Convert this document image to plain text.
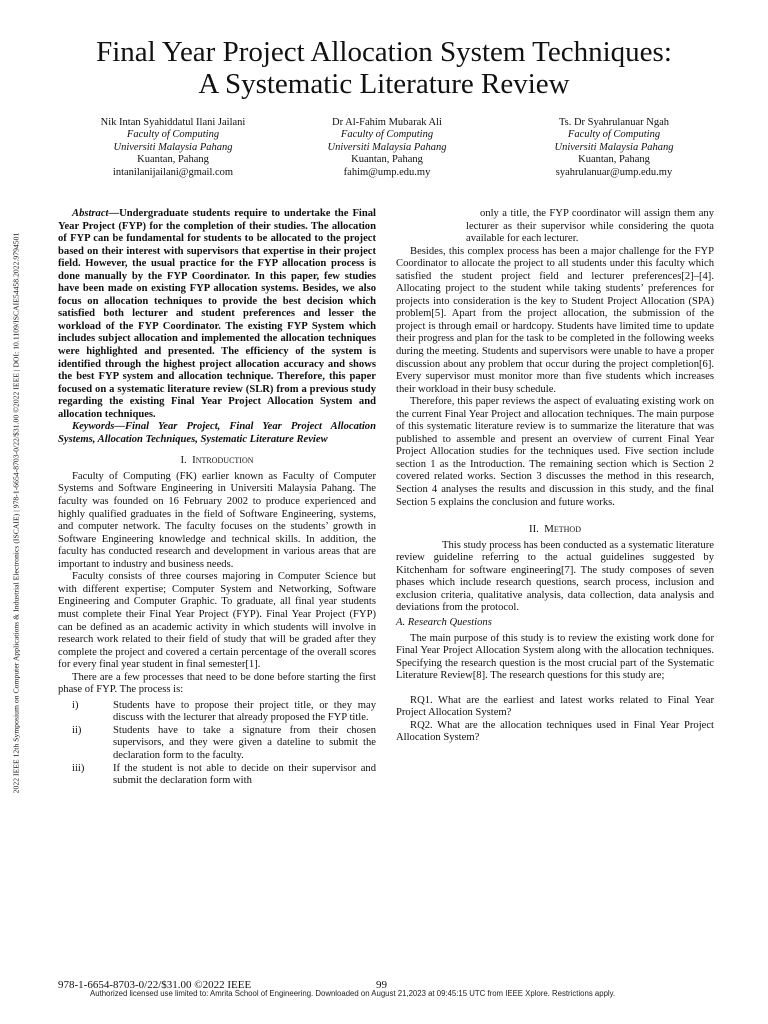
Final Year Project Allocation System Techniques:
A Systematic Literature Review
Nik Intan Syahiddatul Ilani Jailani
Faculty of Computing
Universiti Malaysia Pahang
Kuantan, Pahang
intanilanijailani@gmail.com
Dr Al-Fahim Mubarak Ali
Faculty of Computing
Universiti Malaysia Pahang
Kuantan, Pahang
fahim@ump.edu.my
Ts. Dr Syahrulanuar Ngah
Faculty of Computing
Universiti Malaysia Pahang
Kuantan, Pahang
syahrulanuar@ump.edu.my
2022 IEEE 12th Symposium on Computer Applications & Industrial Electronics (ISCAIE) | 978-1-6654-8703-0/22/$31.00 ©2022 IEEE | DOI: 10.1109/ISCAIE54458.2022.9794501

Abstract—Undergraduate students require to undertake the Final Year Project (FYP) for the completion of their studies. The allocation of FYP can be fundamental for students to be allocated to the project based on their interest with supervisors that expertise in their project field. However, the usual practice for the FYP allocation process is done manually by the FYP Coordinator. In this paper, few studies have been made on existing FYP allocation systems. Besides, we also focus on allocation techniques to provide the best decision which satisfied both lecturer and student preferences and lesser the workload of the FYP Coordinator. The existing FYP System which includes subject allocation and implemented the allocation techniques were highlighted and presented. The efficiency of the system is identified through the highest project allocation accuracy and shows the best FYP system and allocation technique. Therefore, this paper focused on a systematic literature review (SLR) from a previous study regarding the existing Final Year Project Allocation System and allocation techniques.

Keywords—Final Year Project, Final Year Project Allocation Systems, Allocation Techniques, Systematic Literature Review

I. Introduction

Faculty of Computing (FK) earlier known as Faculty of Computer Systems and Software Engineering in Universiti Malaysia Pahang. The faculty was founded on 16 February 2002 to produce experienced and highly qualified graduates in the field of Software Engineering, systems, and computer network. The faculty focuses on the students’ growth in Software Engineering knowledge and technical skills. In addition, the faculty has conducted research and development in various areas that are important to industry and business needs.

Faculty consists of three courses majoring in Computer Science but with different expertise; Computer System and Networking, Software Engineering and Computer Graphic. To graduate, all final year students must complete their Final Year Project (FYP). Final Year Project (FYP) can be defined as an academic activity in which students will involve in research work related to their field of study that will be graded after they complete the project and covered a certain percentage of the overall scores for every final year student in final semester[1].

There are a few processes that need to be done before starting the first phase of FYP. The process is:

i)	Students have to propose their project title, or they may discuss with the lecturer that already proposed the FYP title.
ii)	Students have to take a signature from their chosen supervisors, and they were given a dateline to submit the declaration form to the faculty.
iii)	If the student is not able to decide on their supervisor and submit the declaration form with

only a title, the FYP coordinator will assign them any lecturer as their supervisor while considering the quota available for each lecturer.

Besides, this complex process has been a major challenge for the FYP Coordinator to allocate the project to all students under this faculty which satisfied the student project field and lecturer preferences[2]–[4]. Allocating project to the student while taking students’ preferences for projects into consideration is the key to Student Project Allocation (SPA) problem[5]. Apart from the project allocation, the submission of the project is through email or hardcopy. Students have limited time to update their progress and plan for the task to be completed in the following weeks during the meeting. Students and supervisors were unable to have a proper discussion about any problem that occur during the project completion[6]. Every supervisor must monitor more than five students which increases their workload in their busy schedule.

Therefore, this paper reviews the aspect of evaluating existing work on the current Final Year Project and allocation techniques. The main purpose of this systematic literature review is to summarize the literature that was published to assemble and present an overview of current Final Year Project Allocation studies for the techniques used. Five section include section 1 as the Introduction. The remaining section which is Section 2 covered related works. Section 3 discusses the method in this research, Section 4 analyses the results and discussion in this study, and the final Section 5 explains the conclusion and future works.

II. Method

This study process has been conducted as a systematic literature review guideline referring to the actual guidelines suggested by Kitchenham for software engineering[7]. The study composes of seven phases which include research questions, search process, inclusion and exclusion criteria, qualitative analysis, data collection, data analysis and deviations from the protocol.

A. Research Questions

The main purpose of this study is to review the existing work done for Final Year Project Allocation System along with the allocation techniques. Specifying the research question is the most crucial part of the Systematic Literature Review[8]. The research questions for this study are;

RQ1. What are the earliest and latest works related to Final Year Project Allocation System?

RQ2. What are the allocation techniques used in Final Year Project Allocation System?

978-1-6654-8703-0/22/$31.00 ©2022 IEEE	99
Authorized licensed use limited to: Amrita School of Engineering. Downloaded on August 21,2023 at 09:45:15 UTC from IEEE Xplore. Restrictions apply.
